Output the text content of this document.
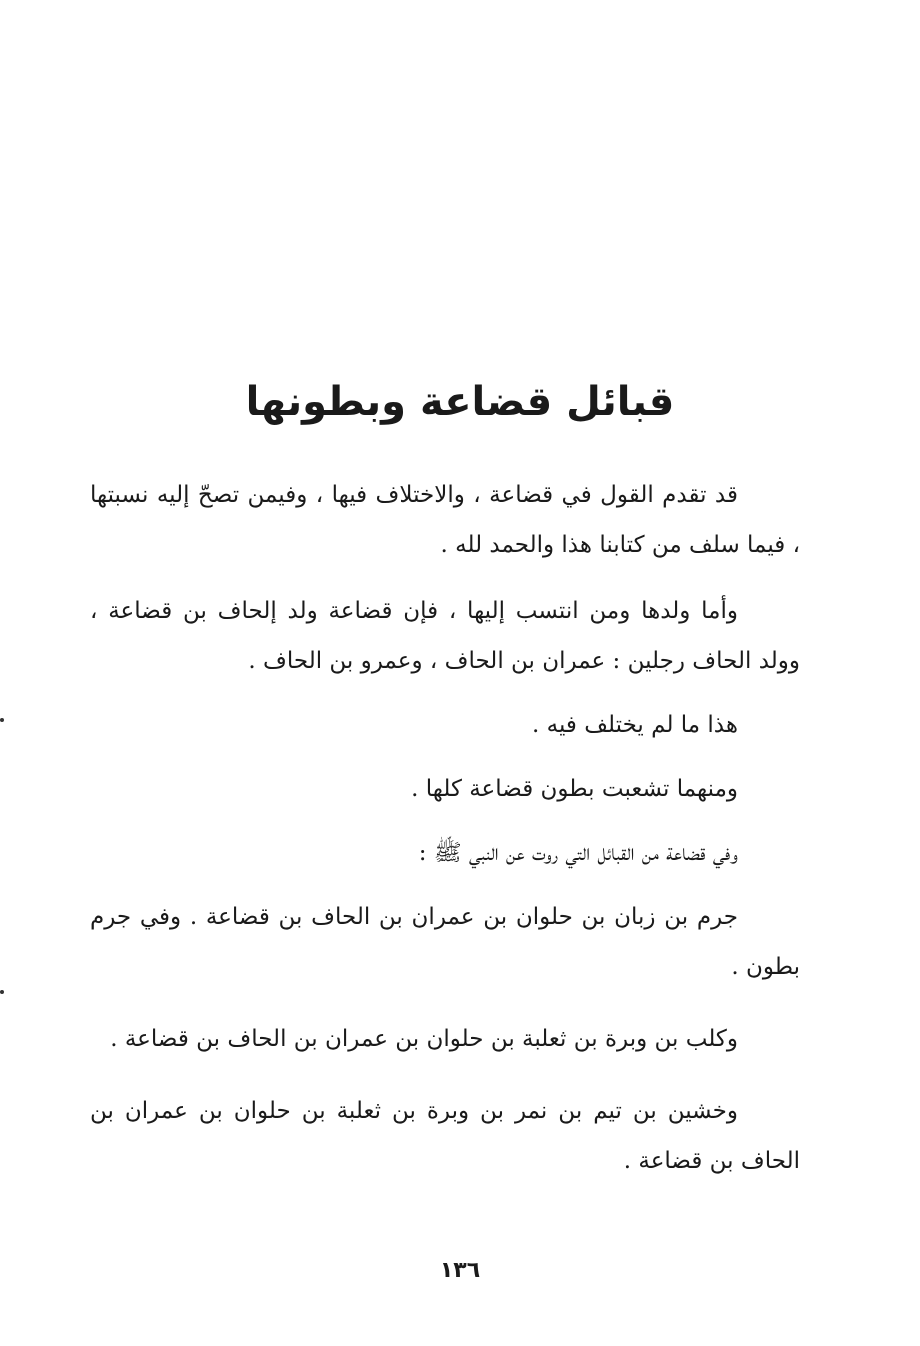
قبائل قضاعة وبطونها

قد تقدم القول في قضاعة ، والاختلاف فيها ، وفيمن تصحّ إليه نسبتها ، فيما سلف من كتابنا هذا والحمد لله .

وأما ولدها ومن انتسب إليها ، فإن قضاعة ولد إلحاف بن قضاعة ، وولد الحاف رجلين : عمران بن الحاف ، وعمرو بن الحاف .

هذا ما لم يختلف فيه .

ومنهما تشعبت بطون قضاعة كلها .

وفي قضاعة من القبائل التي روت عن النبي ﷺ :

جرم بن زبان بن حلوان بن عمران بن الحاف بن قضاعة . وفي جرم بطون .

وكلب بن وبرة بن ثعلبة بن حلوان بن عمران بن الحاف بن قضاعة .

وخشين بن تيم بن نمر بن وبرة بن ثعلبة بن حلوان بن عمران بن الحاف بن قضاعة .

١٣٦
